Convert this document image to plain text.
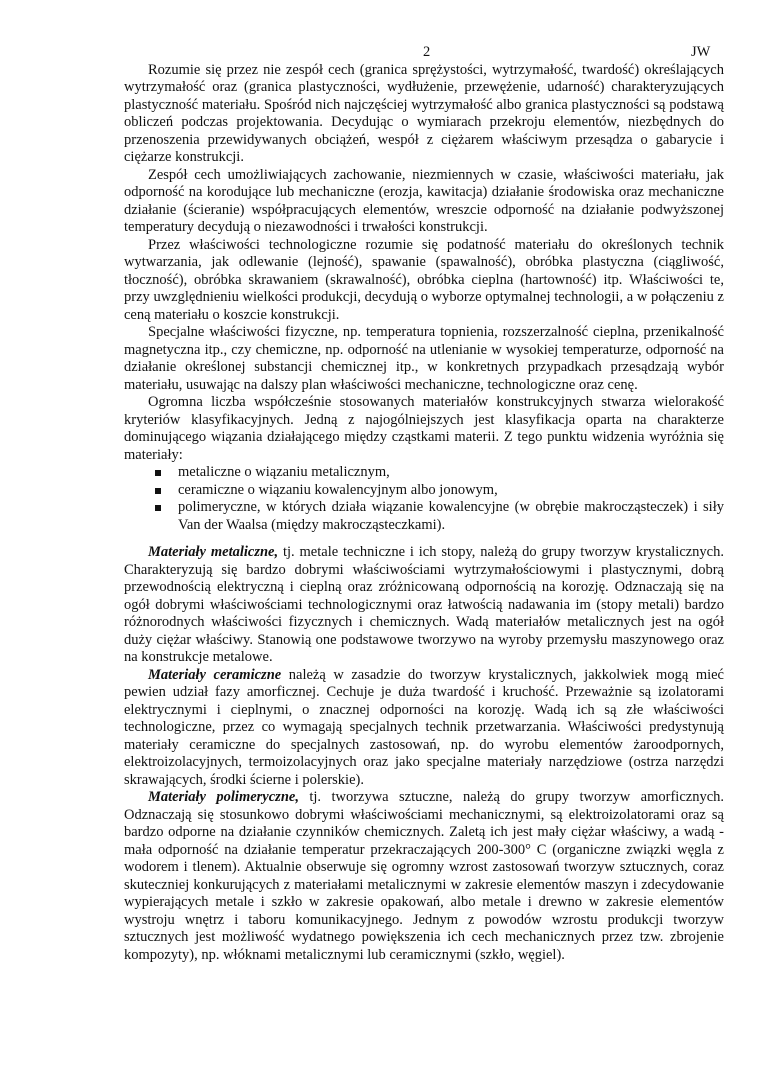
2	JW

Rozumie się przez nie zespół cech (granica sprężystości, wytrzymałość, twardość) określających wytrzymałość oraz (granica plastyczności, wydłużenie, przewężenie, udarność) charakteryzujących plastyczność materiału. Spośród nich najczęściej wytrzymałość albo granica plastyczności są podstawą obliczeń podczas projektowania. Decydując o wymiarach przekroju elementów, niezbędnych do przenoszenia przewidywanych obciążeń, wespół z ciężarem właściwym przesądza o gabarycie i ciężarze konstrukcji.

Zespół cech umożliwiających zachowanie, niezmiennych w czasie, właściwości materiału, jak odporność na korodujące lub mechaniczne (erozja, kawitacja) działanie środowiska oraz mechaniczne działanie (ścieranie) współpracujących elementów, wreszcie odporność na działanie podwyższonej temperatury decydują o niezawodności i trwałości konstrukcji.

Przez właściwości technologiczne rozumie się podatność materiału do określonych technik wytwarzania, jak odlewanie (lejność), spawanie (spawalność), obróbka plastyczna (ciągliwość, tłoczność), obróbka skrawaniem (skrawalność), obróbka cieplna (hartowność) itp. Właściwości te, przy uwzględnieniu wielkości produkcji, decydują o wyborze optymalnej technologii, a w połączeniu z ceną materiału o koszcie konstrukcji.

Specjalne właściwości fizyczne, np. temperatura topnienia, rozszerzalność cieplna, przenikalność magnetyczna itp., czy chemiczne, np. odporność na utlenianie w wysokiej temperaturze, odporność na działanie określonej substancji chemicznej itp., w konkretnych przypadkach przesądzają wybór materiału, usuwając na dalszy plan właściwości mechaniczne, technologiczne oraz cenę.

Ogromna liczba współcześnie stosowanych materiałów konstrukcyjnych stwarza wielorakość kryteriów klasyfikacyjnych. Jedną z najogólniejszych jest klasyfikacja oparta na charakterze dominującego wiązania działającego między cząstkami materii. Z tego punktu widzenia wyróżnia się materiały:

metaliczne o wiązaniu metalicznym,
ceramiczne o wiązaniu kowalencyjnym albo jonowym,
polimeryczne, w których działa wiązanie kowalencyjne (w obrębie makrocząsteczek) i siły Van der Waalsa (między makrocząsteczkami).

Materiały metaliczne, tj. metale techniczne i ich stopy, należą do grupy tworzyw krystalicznych. Charakteryzują się bardzo dobrymi właściwościami wytrzymałościowymi i plastycznymi, dobrą przewodnością elektryczną i cieplną oraz zróżnicowaną odpornością na korozję. Odznaczają się na ogół dobrymi właściwościami technologicznymi oraz łatwością nadawania im (stopy metali) bardzo różnorodnych właściwości fizycznych i chemicznych. Wadą materiałów metalicznych jest na ogół duży ciężar właściwy. Stanowią one podstawowe tworzywo na wyroby przemysłu maszynowego oraz na konstrukcje metalowe.

Materiały ceramiczne należą w zasadzie do tworzyw krystalicznych, jakkolwiek mogą mieć pewien udział fazy amorficznej. Cechuje je duża twardość i kruchość. Przeważnie są izolatorami elektrycznymi i cieplnymi, o znacznej odporności na korozję. Wadą ich są złe właściwości technologiczne, przez co wymagają specjalnych technik przetwarzania. Właściwości predystynują materiały ceramiczne do specjalnych zastosowań, np. do wyrobu elementów żaroodpornych, elektroizolacyjnych, termoizolacyjnych oraz jako specjalne materiały narzędziowe (ostrza narzędzi skrawających, środki ścierne i polerskie).

Materiały polimeryczne, tj. tworzywa sztuczne, należą do grupy tworzyw amorficznych. Odznaczają się stosunkowo dobrymi właściwościami mechanicznymi, są elektroizolatorami oraz są bardzo odporne na działanie czynników chemicznych. Zaletą ich jest mały ciężar właściwy, a wadą - mała odporność na działanie temperatur przekraczających 200-300° C (organiczne związki węgla z wodorem i tlenem). Aktualnie obserwuje się ogromny wzrost zastosowań tworzyw sztucznych, coraz skuteczniej konkurujących z materiałami metalicznymi w zakresie elementów maszyn i zdecydowanie wypierających metale i szkło w zakresie opakowań, albo metale i drewno w zakresie elementów wystroju wnętrz i taboru komunikacyjnego. Jednym z powodów wzrostu produkcji tworzyw sztucznych jest możliwość wydatnego powiększenia ich cech mechanicznych przez tzw. zbrojenie kompozyty), np. włóknami metalicznymi lub ceramicznymi (szkło, węgiel).
